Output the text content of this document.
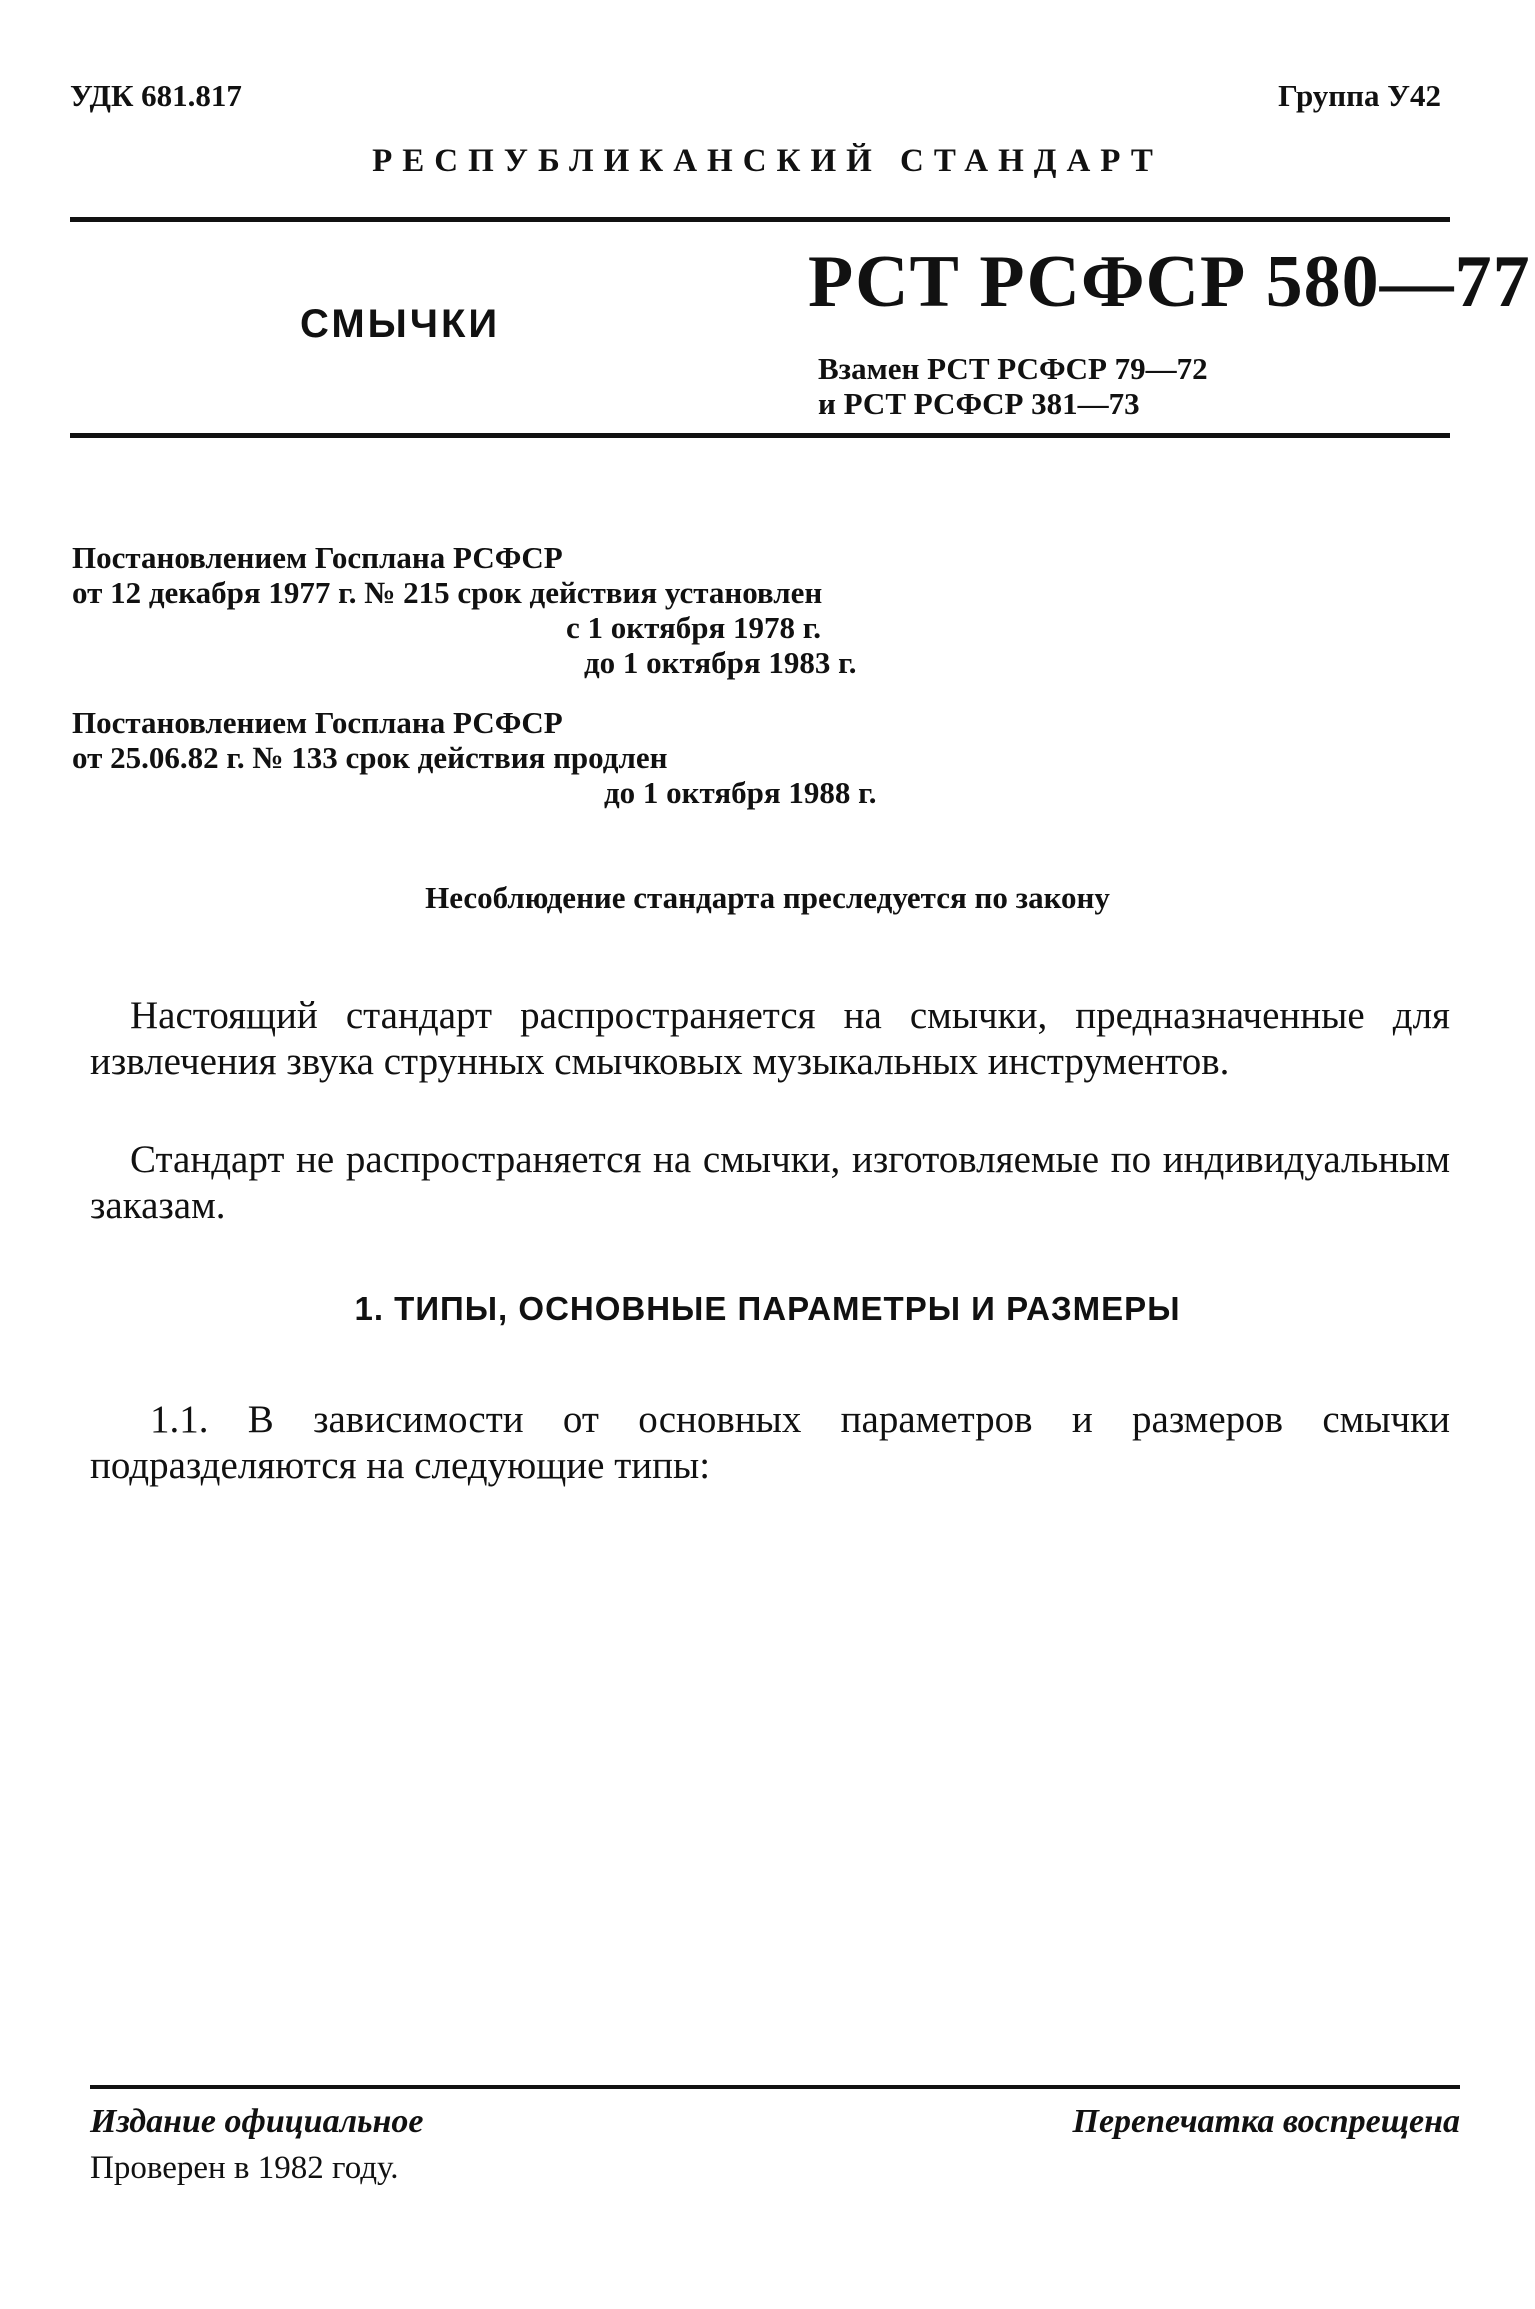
УДК 681.817	Группа У42
РЕСПУБЛИКАНСКИЙ СТАНДАРТ
СМЫЧКИ
РСТ РСФСР 580—77
Взамен РСТ РСФСР 79—72
и РСТ РСФСР 381—73
Постановлением Госплана РСФСР
от 12 декабря 1977 г. № 215 срок действия установлен
с 1 октября 1978 г.
до 1 октября 1983 г.
Постановлением Госплана РСФСР
от 25.06.82 г. № 133 срок действия продлен
до 1 октября 1988 г.
Несоблюдение стандарта преследуется по закону

Настоящий стандарт распространяется на смычки, предназначенные для извлечения звука струнных смычковых музыкальных инструментов.

Стандарт не распространяется на смычки, изготовляемые по индивидуальным заказам.

1. ТИПЫ, ОСНОВНЫЕ ПАРАМЕТРЫ И РАЗМЕРЫ

1.1. В зависимости от основных параметров и размеров смычки подразделяются на следующие типы:

Издание официальное	Перепечатка воспрещена
Проверен в 1982 году.
